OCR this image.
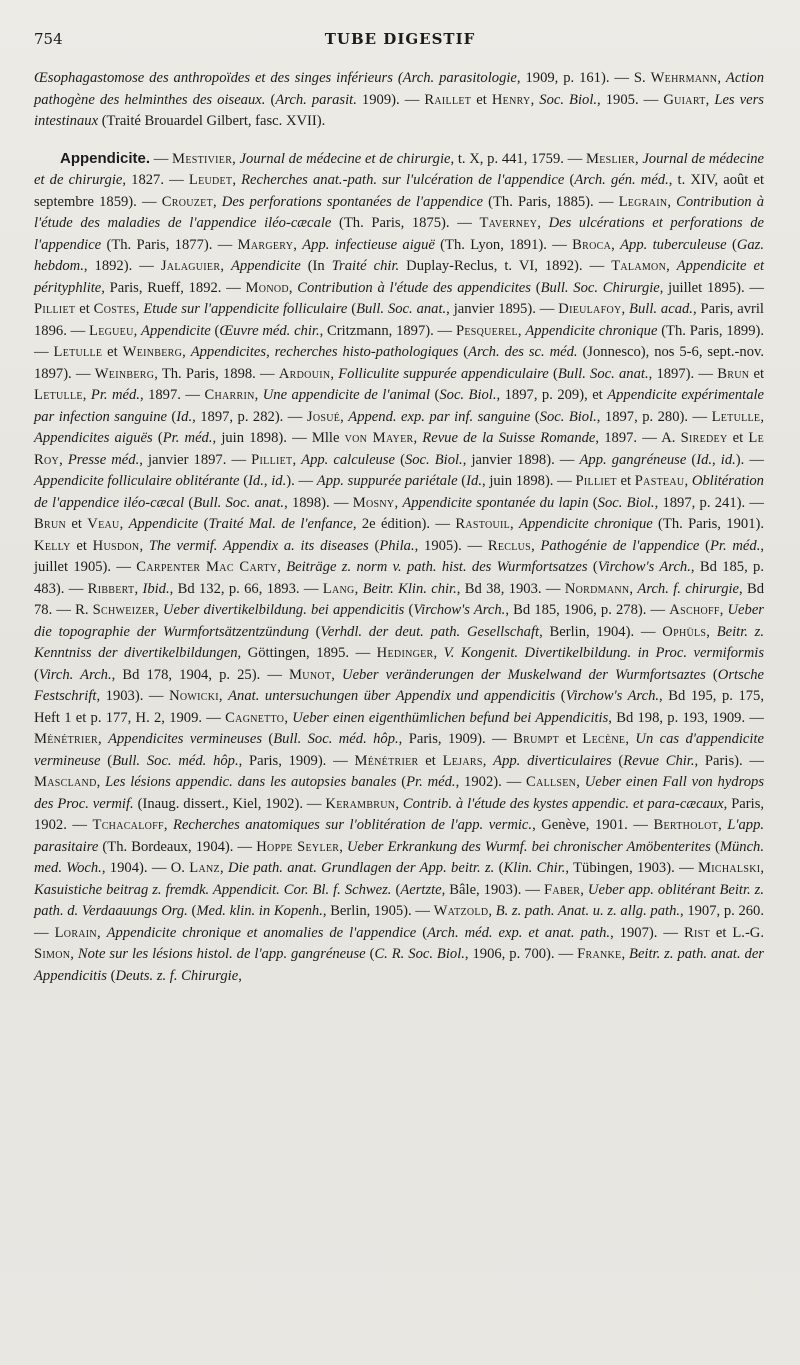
754	TUBE DIGESTIF

Œsophagastomose des anthropoïdes et des singes inférieurs (Arch. parasitologie, 1909, p. 161). — S. Wehrmann, Action pathogène des helminthes des oiseaux. (Arch. parasit. 1909). — Raillet et Henry, Soc. Biol., 1905. — Guiart, Les vers intestinaux (Traité Brouardel Gilbert, fasc. XVII).

Appendicite. — Mestivier, Journal de médecine et de chirurgie, t. X, p. 441, 1759. — Meslier, Journal de médecine et de chirurgie, 1827. — Leudet, Recherches anat.-path. sur l'ulcération de l'appendice (Arch. gén. méd., t. XIV, août et septembre 1859). — Crouzet, Des perforations spontanées de l'appendice (Th. Paris, 1885). — Legrain, Contribution à l'étude des maladies de l'appendice iléo-cæcale (Th. Paris, 1875). — Taverney, Des ulcérations et perforations de l'appendice (Th. Paris, 1877). — Margery, App. infectieuse aiguë (Th. Lyon, 1891). — Broca, App. tuberculeuse (Gaz. hebdom., 1892). — Jalaguier, Appendicite (In Traité chir. Duplay-Reclus, t. VI, 1892). — Talamon, Appendicite et pérityphlite, Paris, Rueff, 1892. — Monod, Contribution à l'étude des appendicites (Bull. Soc. Chirurgie, juillet 1895). — Pilliet et Costes, Etude sur l'appendicite folliculaire (Bull. Soc. anat., janvier 1895). — Dieulafoy, Bull. acad., Paris, avril 1896. — Legueu, Appendicite (Œuvre méd. chir., Critzmann, 1897). — Pesquerel, Appendicite chronique (Th. Paris, 1899). — Letulle et Weinberg, Appendicites, recherches histo-pathologiques (Arch. des sc. méd. (Jonnesco), nos 5-6, sept.-nov. 1897). — Weinberg, Th. Paris, 1898. — Ardouin, Folliculite suppurée appendiculaire (Bull. Soc. anat., 1897). — Brun et Letulle, Pr. méd., 1897. — Charrin, Une appendicite de l'animal (Soc. Biol., 1897, p. 209), et Appendicite expérimentale par infection sanguine (Id., 1897, p. 282). — Josué, Append. exp. par inf. sanguine (Soc. Biol., 1897, p. 280). — Letulle, Appendicites aiguës (Pr. méd., juin 1898). — Mlle von Mayer, Revue de la Suisse Romande, 1897. — A. Siredey et Le Roy, Presse méd., janvier 1897. — Pilliet, App. calculeuse (Soc. Biol., janvier 1898). — App. gangréneuse (Id., id.). — Appendicite folliculaire oblitérante (Id., id.). — App. suppurée pariétale (Id., juin 1898). — Pilliet et Pasteau, Oblitération de l'appendice iléo-cæcal (Bull. Soc. anat., 1898). — Mosny, Appendicite spontanée du lapin (Soc. Biol., 1897, p. 241). — Brun et Veau, Appendicite (Traité Mal. de l'enfance, 2e édition). — Rastouil, Appendicite chronique (Th. Paris, 1901). Kelly et Husdon, The vermif. Appendix a. its diseases (Phila., 1905). — Reclus, Pathogénie de l'appendice (Pr. méd., juillet 1905). — Carpenter Mac Carty, Beiträge z. norm v. path. hist. des Wurmfortsatzes (Virchow's Arch., Bd 185, p. 483). — Ribbert, Ibid., Bd 132, p. 66, 1893. — Lang, Beitr. Klin. chir., Bd 38, 1903. — Nordmann, Arch. f. chirurgie, Bd 78. — R. Schweizer, Ueber divertikelbildung. bei appendicitis (Virchow's Arch., Bd 185, 1906, p. 278). — Aschoff, Ueber die topographie der Wurmfortsätzentzündung (Verhdl. der deut. path. Gesellschaft, Berlin, 1904). — Ophüls, Beitr. z. Kenntniss der divertikelbildungen, Göttingen, 1895. — Hedinger, V. Kongenit. Divertikelbildung. in Proc. vermiformis (Virch. Arch., Bd 178, 1904, p. 25). — Munot, Ueber veränderungen der Muskelwand der Wurmfortsaztes (Ortsche Festschrift, 1903). — Nowicki, Anat. untersuchungen über Appendix und appendicitis (Virchow's Arch., Bd 195, p. 175, Heft 1 et p. 177, H. 2, 1909. — Cagnetto, Ueber einen eigenthümlichen befund bei Appendicitis, Bd 198, p. 193, 1909. — Ménétrier, Appendicites vermineuses (Bull. Soc. méd. hôp., Paris, 1909). — Brumpt et Lecène, Un cas d'appendicite vermineuse (Bull. Soc. méd. hôp., Paris, 1909). — Ménétrier et Lejars, App. diverticulaires (Revue Chir., Paris). — Mascland, Les lésions appendic. dans les autopsies banales (Pr. méd., 1902). — Callsen, Ueber einen Fall von hydrops des Proc. vermif. (Inaug. dissert., Kiel, 1902). — Kerambrun, Contrib. à l'étude des kystes appendic. et para-cæcaux, Paris, 1902. — Tchacaloff, Recherches anatomiques sur l'oblitération de l'app. vermic., Genève, 1901. — Bertholot, L'app. parasitaire (Th. Bordeaux, 1904). — Hoppe Seyler, Ueber Erkrankung des Wurmf. bei chronischer Amöbenterites (Münch. med. Woch., 1904). — O. Lanz, Die path. anat. Grundlagen der App. beitr. z. (Klin. Chir., Tübingen, 1903). — Michalski, Kasuistiche beitrag z. fremdk. Appendicit. Cor. Bl. f. Schwez. (Aertzte, Bâle, 1903). — Faber, Ueber app. oblitérant Beitr. z. path. d. Verdaauungs Org. (Med. klin. in Kopenh., Berlin, 1905). — Watzold, B. z. path. Anat. u. z. allg. path., 1907, p. 260. — Lorain, Appendicite chronique et anomalies de l'appendice (Arch. méd. exp. et anat. path., 1907). — Rist et L.-G. Simon, Note sur les lésions histol. de l'app. gangréneuse (C. R. Soc. Biol., 1906, p. 700). — Franke, Beitr. z. path. anat. der Appendicitis (Deuts. z. f. Chirurgie,
